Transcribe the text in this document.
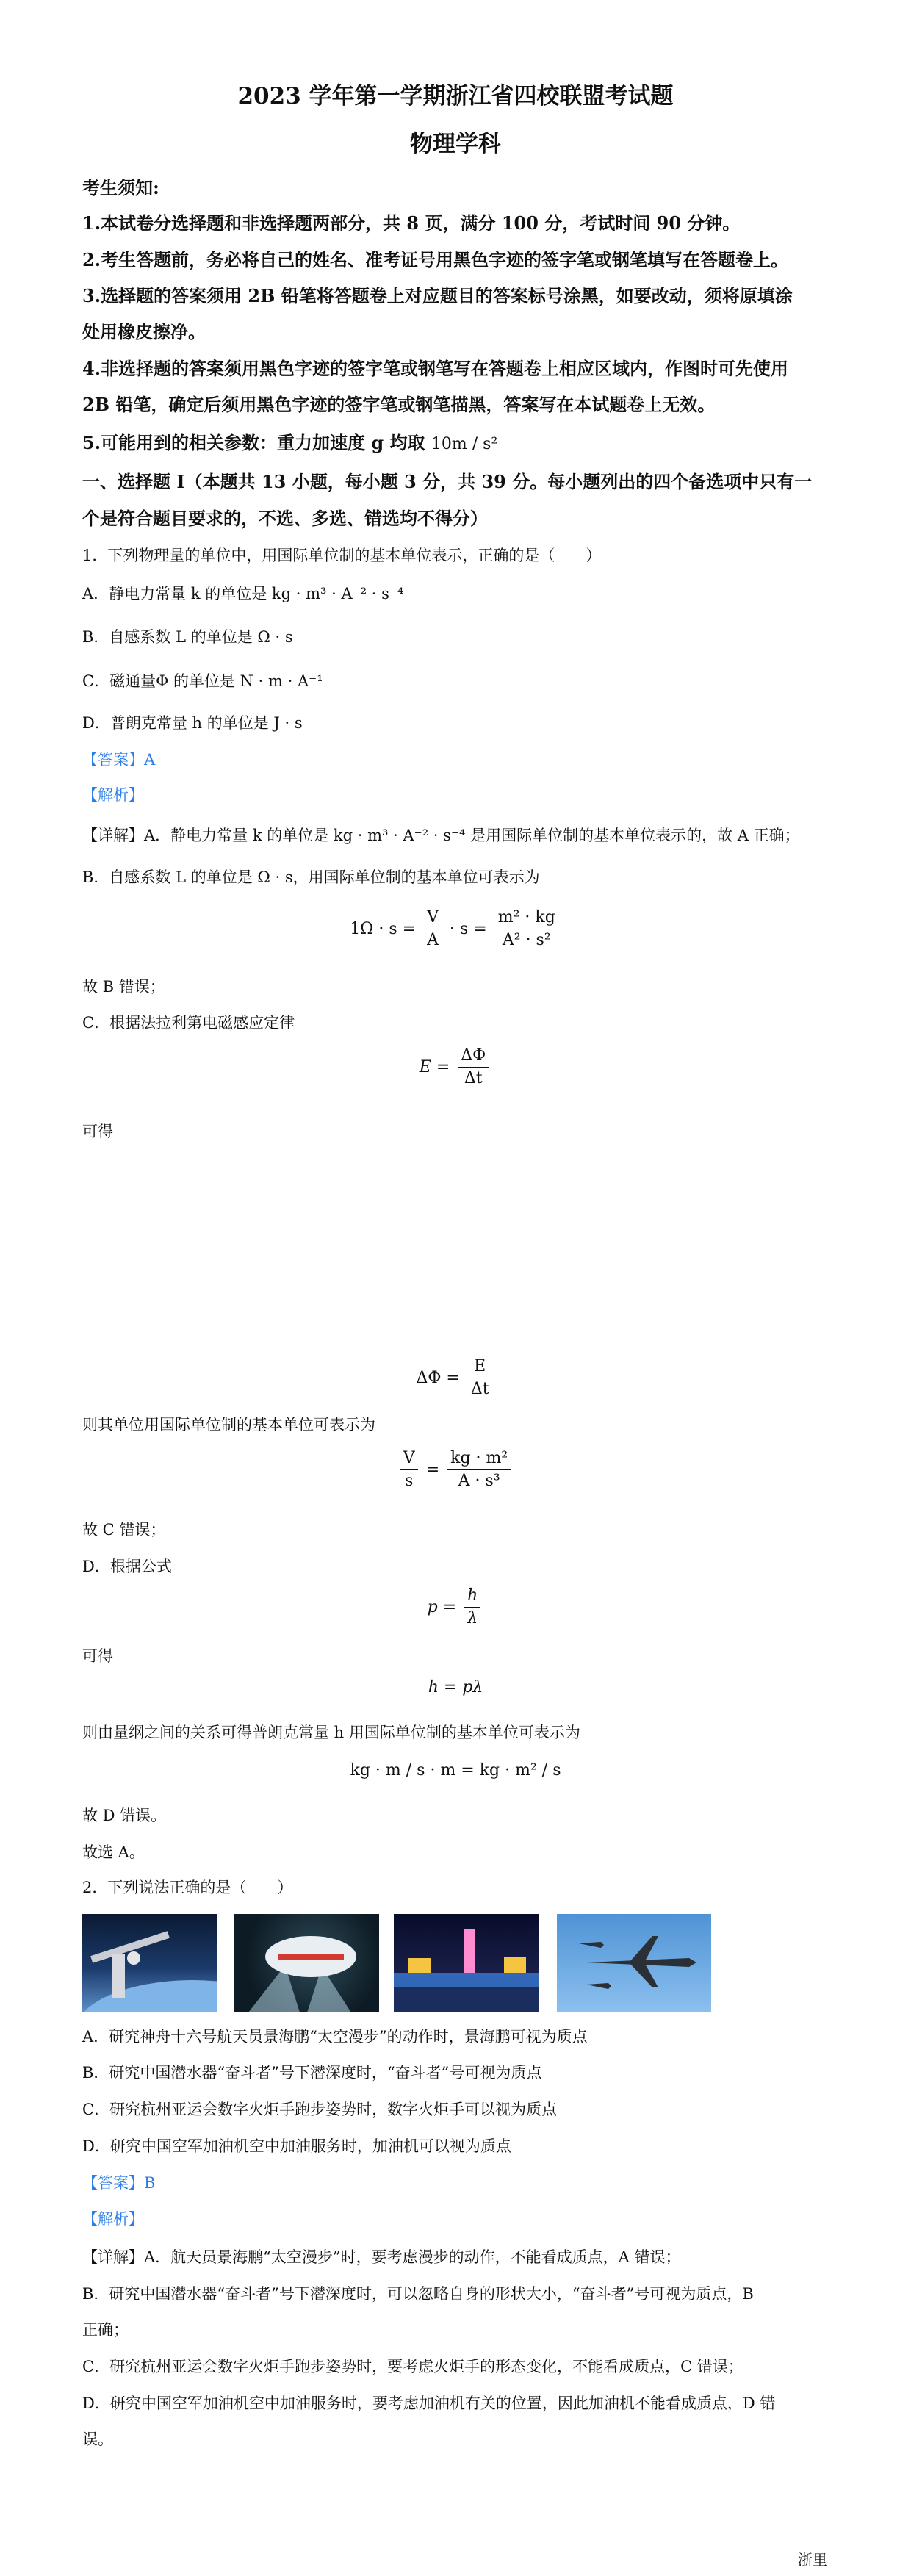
2023 学年第一学期浙江省四校联盟考试题
物理学科
考生须知:
1.本试卷分选择题和非选择题两部分，共 8 页，满分 100 分，考试时间 90 分钟。
2.考生答题前，务必将自己的姓名、准考证号用黑色字迹的签字笔或钢笔填写在答题卷上。
3.选择题的答案须用 2B 铅笔将答题卷上对应题目的答案标号涂黑，如要改动，须将原填涂
处用橡皮擦净。
4.非选择题的答案须用黑色字迹的签字笔或钢笔写在答题卷上相应区域内，作图时可先使用
2B 铅笔，确定后须用黑色字迹的签字笔或钢笔描黑，答案写在本试题卷上无效。
5.可能用到的相关参数：重力加速度 g 均取 10m / s²
一、选择题 I（本题共 13 小题，每小题 3 分，共 39 分。每小题列出的四个备选项中只有一
个是符合题目要求的，不选、多选、错选均不得分）
1．下列物理量的单位中，用国际单位制的基本单位表示，正确的是（　　）
A．静电力常量 k 的单位是 kg · m³ · A⁻² · s⁻⁴
B．自感系数 L 的单位是 Ω · s
C．磁通量Φ 的单位是 N · m · A⁻¹
D．普朗克常量 h 的单位是 J · s
【答案】A
【解析】
【详解】A．静电力常量 k 的单位是 kg · m³ · A⁻² · s⁻⁴ 是用国际单位制的基本单位表示的，故 A 正确；
B．自感系数 L 的单位是 Ω · s，用国际单位制的基本单位可表示为
$1\Omega \cdot s = \frac{V}{A} \cdot s = \frac{\text{m² · kg}}{\text{A² · s²}}$
故 B 错误；
C．根据法拉利第电磁感应定律
$E = \frac{\Delta\Phi}{\Delta t}$
可得
$\Delta\Phi = \frac{E}{\Delta t}$
则其单位用国际单位制的基本单位可表示为
$\frac{V}{s} = \frac{\text{kg · m²}}{\text{A · s³}}$
故 C 错误；
D．根据公式
$p = \frac{h}{\lambda}$
可得
h = pλ
则由量纲之间的关系可得普朗克常量 h 用国际单位制的基本单位可表示为
kg · m / s · m = kg · m² / s
故 D 错误。
故选 A。
2．下列说法正确的是（　　）
A．研究神舟十六号航天员景海鹏“太空漫步”的动作时，景海鹏可视为质点
B．研究中国潜水器“奋斗者”号下潜深度时，“奋斗者”号可视为质点
C．研究杭州亚运会数字火炬手跑步姿势时，数字火炬手可以视为质点
D．研究中国空军加油机空中加油服务时，加油机可以视为质点
【答案】B
【解析】
【详解】A．航天员景海鹏“太空漫步”时，要考虑漫步的动作，不能看成质点，A 错误；
B．研究中国潜水器“奋斗者”号下潜深度时，可以忽略自身的形状大小，“奋斗者”号可视为质点，B
正确；
C．研究杭州亚运会数字火炬手跑步姿势时，要考虑火炬手的形态变化，不能看成质点，C 错误；
D．研究中国空军加油机空中加油服务时，要考虑加油机有关的位置，因此加油机不能看成质点，D 错
误。
浙里
